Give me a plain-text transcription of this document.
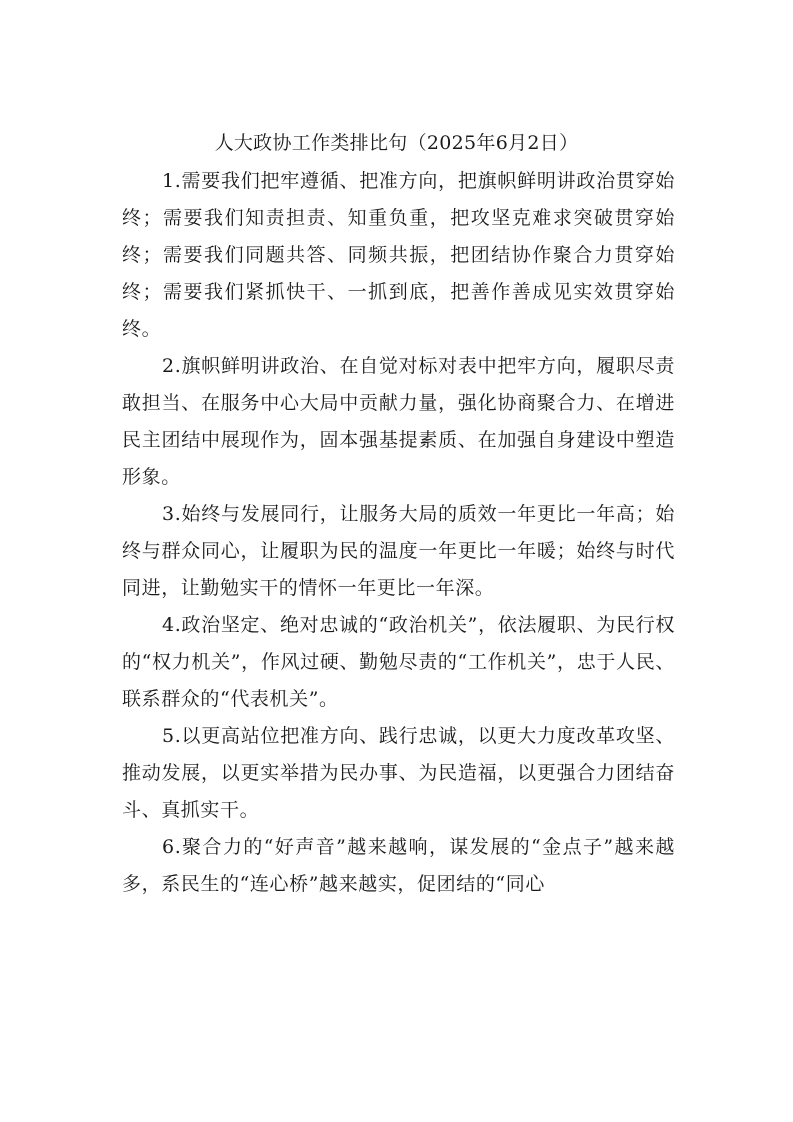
人大政协工作类排比句（2025年6月2日）

1.需要我们把牢遵循、把准方向，把旗帜鲜明讲政治贯穿始终；需要我们知责担责、知重负重，把攻坚克难求突破贯穿始终；需要我们同题共答、同频共振，把团结协作聚合力贯穿始终；需要我们紧抓快干、一抓到底，把善作善成见实效贯穿始终。

2.旗帜鲜明讲政治、在自觉对标对表中把牢方向，履职尽责敢担当、在服务中心大局中贡献力量，强化协商聚合力、在增进民主团结中展现作为，固本强基提素质、在加强自身建设中塑造形象。

3.始终与发展同行，让服务大局的质效一年更比一年高；始终与群众同心，让履职为民的温度一年更比一年暖；始终与时代同进，让勤勉实干的情怀一年更比一年深。

4.政治坚定、绝对忠诚的“政治机关”，依法履职、为民行权的“权力机关”，作风过硬、勤勉尽责的“工作机关”，忠于人民、联系群众的“代表机关”。

5.以更高站位把准方向、践行忠诚，以更大力度改革攻坚、推动发展，以更实举措为民办事、为民造福，以更强合力团结奋斗、真抓实干。

6.聚合力的“好声音”越来越响，谋发展的“金点子”越来越多，系民生的“连心桥”越来越实，促团结的“同心
